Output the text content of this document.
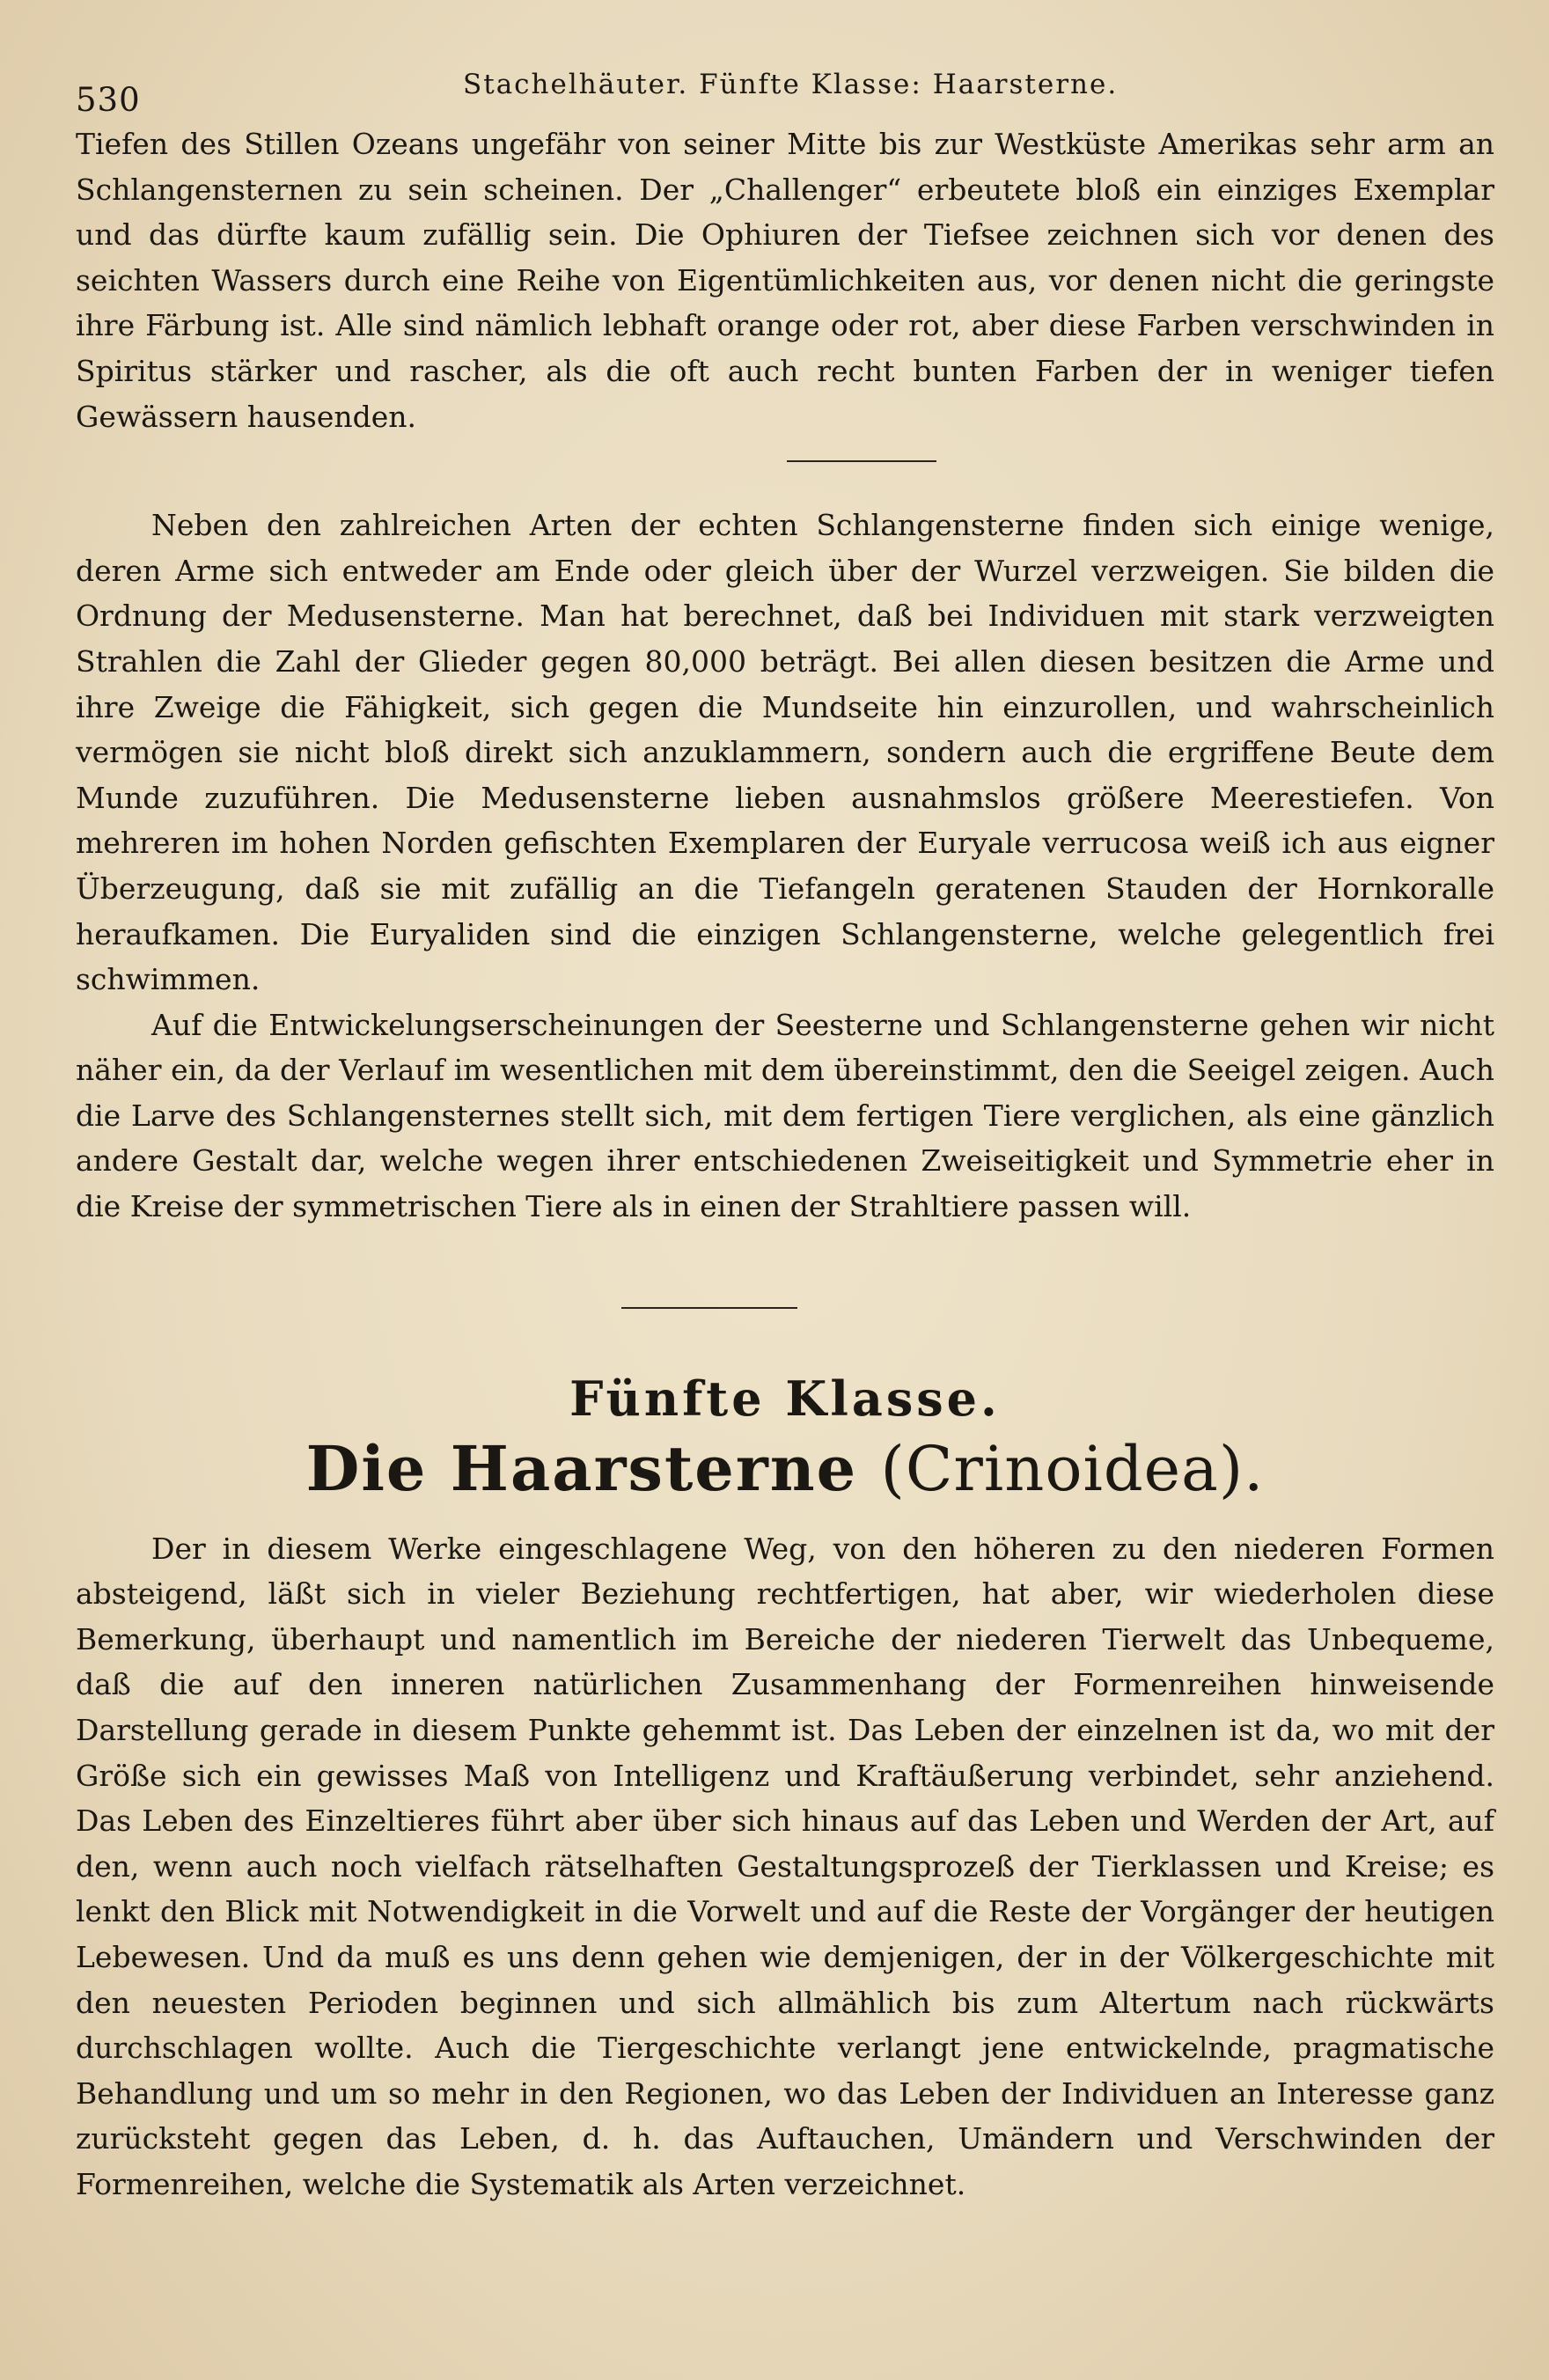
530	Stachelhäuter. Fünfte Klasse: Haarsterne.

Tiefen des Stillen Ozeans ungefähr von seiner Mitte bis zur Westküste Amerikas sehr arm an Schlangensternen zu sein scheinen. Der „Challenger“ erbeutete bloß ein einziges Exemplar und das dürfte kaum zufällig sein. Die Ophiuren der Tiefsee zeichnen sich vor denen des seichten Wassers durch eine Reihe von Eigentümlichkeiten aus, vor denen nicht die geringste ihre Färbung ist. Alle sind nämlich lebhaft orange oder rot, aber diese Farben verschwinden in Spiritus stärker und rascher, als die oft auch recht bunten Farben der in weniger tiefen Gewässern hausenden.

Neben den zahlreichen Arten der echten Schlangensterne finden sich einige wenige, deren Arme sich entweder am Ende oder gleich über der Wurzel verzweigen. Sie bilden die Ordnung der Medusensterne. Man hat berechnet, daß bei Individuen mit stark verzweigten Strahlen die Zahl der Glieder gegen 80,000 beträgt. Bei allen diesen besitzen die Arme und ihre Zweige die Fähigkeit, sich gegen die Mundseite hin einzurollen, und wahrscheinlich vermögen sie nicht bloß direkt sich anzuklammern, sondern auch die ergriffene Beute dem Munde zuzuführen. Die Medusensterne lieben ausnahmslos größere Meerestiefen. Von mehreren im hohen Norden gefischten Exemplaren der Euryale verrucosa weiß ich aus eigner Überzeugung, daß sie mit zufällig an die Tiefangeln geratenen Stauden der Hornkoralle heraufkamen. Die Euryaliden sind die einzigen Schlangensterne, welche gelegentlich frei schwimmen.

Auf die Entwickelungserscheinungen der Seesterne und Schlangensterne gehen wir nicht näher ein, da der Verlauf im wesentlichen mit dem übereinstimmt, den die Seeigel zeigen. Auch die Larve des Schlangensternes stellt sich, mit dem fertigen Tiere verglichen, als eine gänzlich andere Gestalt dar, welche wegen ihrer entschiedenen Zweiseitigkeit und Symmetrie eher in die Kreise der symmetrischen Tiere als in einen der Strahltiere passen will.

Fünfte Klasse.
Die Haarsterne (Crinoidea).

Der in diesem Werke eingeschlagene Weg, von den höheren zu den niederen Formen absteigend, läßt sich in vieler Beziehung rechtfertigen, hat aber, wir wiederholen diese Bemerkung, überhaupt und namentlich im Bereiche der niederen Tierwelt das Unbequeme, daß die auf den inneren natürlichen Zusammenhang der Formenreihen hinweisende Darstellung gerade in diesem Punkte gehemmt ist. Das Leben der einzelnen ist da, wo mit der Größe sich ein gewisses Maß von Intelligenz und Kraftäußerung verbindet, sehr anziehend. Das Leben des Einzeltieres führt aber über sich hinaus auf das Leben und Werden der Art, auf den, wenn auch noch vielfach rätselhaften Gestaltungsprozeß der Tierklassen und Kreise; es lenkt den Blick mit Notwendigkeit in die Vorwelt und auf die Reste der Vorgänger der heutigen Lebewesen. Und da muß es uns denn gehen wie demjenigen, der in der Völkergeschichte mit den neuesten Perioden beginnen und sich allmählich bis zum Altertum nach rückwärts durchschlagen wollte. Auch die Tiergeschichte verlangt jene entwickelnde, pragmatische Behandlung und um so mehr in den Regionen, wo das Leben der Individuen an Interesse ganz zurücksteht gegen das Leben, d. h. das Auftauchen, Umändern und Verschwinden der Formenreihen, welche die Systematik als Arten verzeichnet.
